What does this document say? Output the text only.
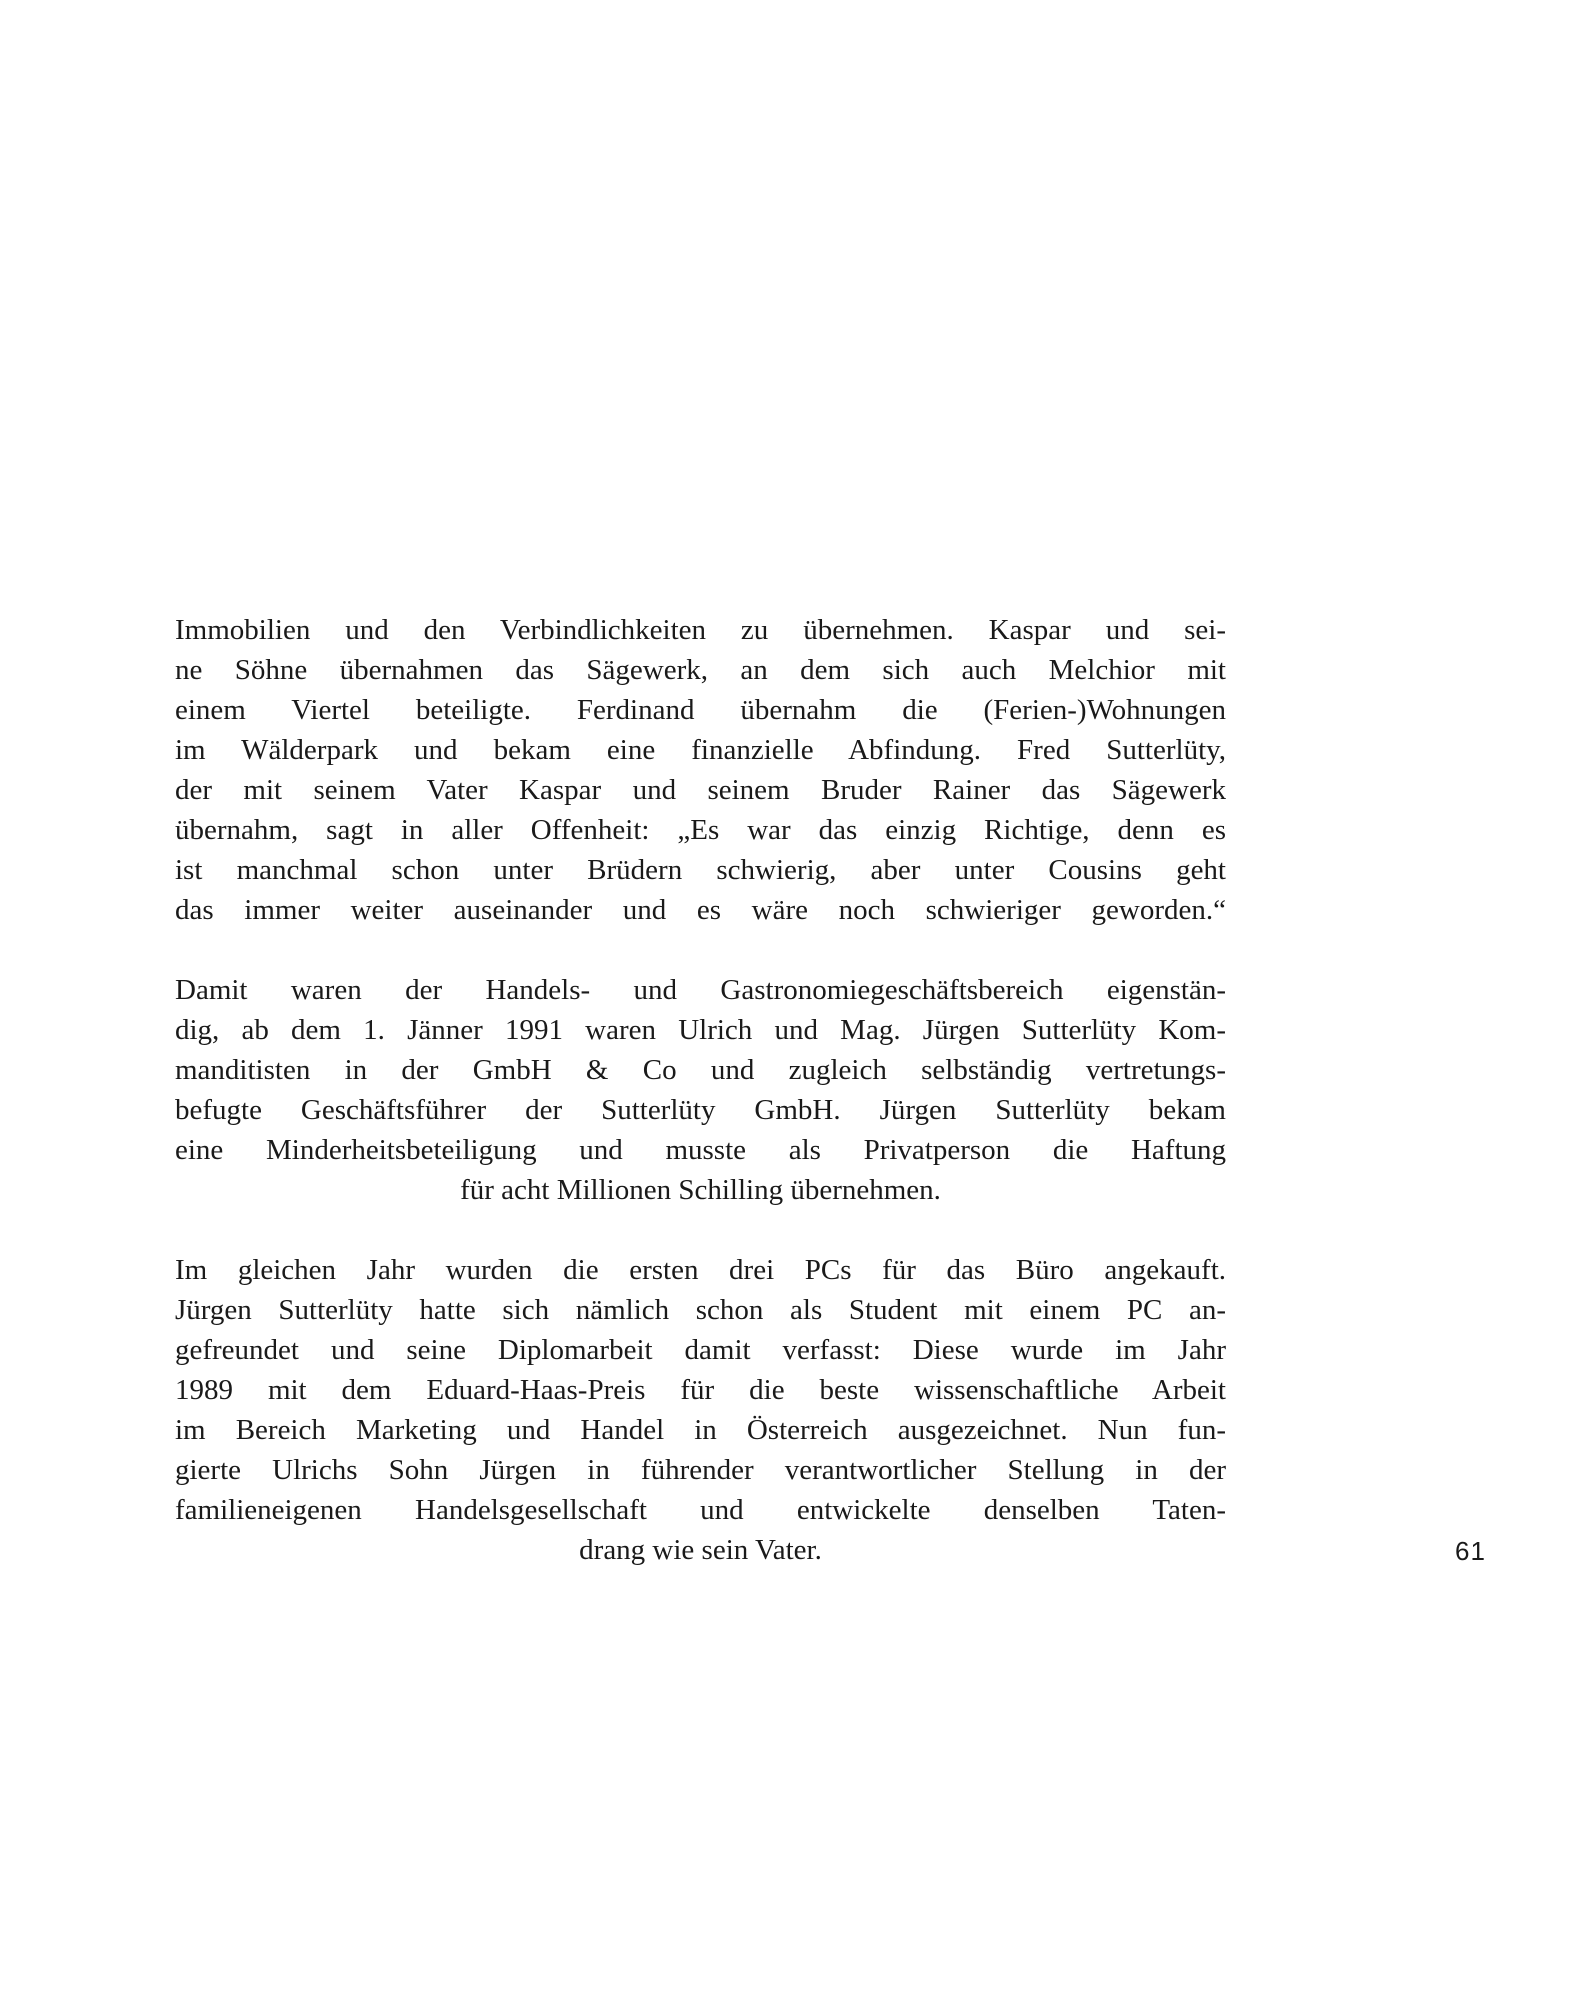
Immobilien und den Verbindlichkeiten zu übernehmen. Kaspar und sei-
ne Söhne übernahmen das Sägewerk, an dem sich auch Melchior mit
einem Viertel beteiligte. Ferdinand übernahm die (Ferien-)Wohnungen
im Wälderpark und bekam eine finanzielle Abfindung. Fred Sutterlüty,
der mit seinem Vater Kaspar und seinem Bruder Rainer das Sägewerk
übernahm, sagt in aller Offenheit: „Es war das einzig Richtige, denn es
ist manchmal schon unter Brüdern schwierig, aber unter Cousins geht
das immer weiter auseinander und es wäre noch schwieriger geworden.“
Damit waren der Handels- und Gastronomiegeschäftsbereich eigenstän-
dig, ab dem 1. Jänner 1991 waren Ulrich und Mag. Jürgen Sutterlüty Kom-
manditisten in der GmbH & Co und zugleich selbständig vertretungs-
befugte Geschäftsführer der Sutterlüty GmbH. Jürgen Sutterlüty bekam
eine Minderheitsbeteiligung und musste als Privatperson die Haftung
für acht Millionen Schilling übernehmen.
Im gleichen Jahr wurden die ersten drei PCs für das Büro angekauft.
Jürgen Sutterlüty hatte sich nämlich schon als Student mit einem PC an-
gefreundet und seine Diplomarbeit damit verfasst: Diese wurde im Jahr
1989 mit dem Eduard-Haas-Preis für die beste wissenschaftliche Arbeit
im Bereich Marketing und Handel in Österreich ausgezeichnet. Nun fun-
gierte Ulrichs Sohn Jürgen in führender verantwortlicher Stellung in der
familieneigenen Handelsgesellschaft und entwickelte denselben Taten-
drang wie sein Vater.	61
